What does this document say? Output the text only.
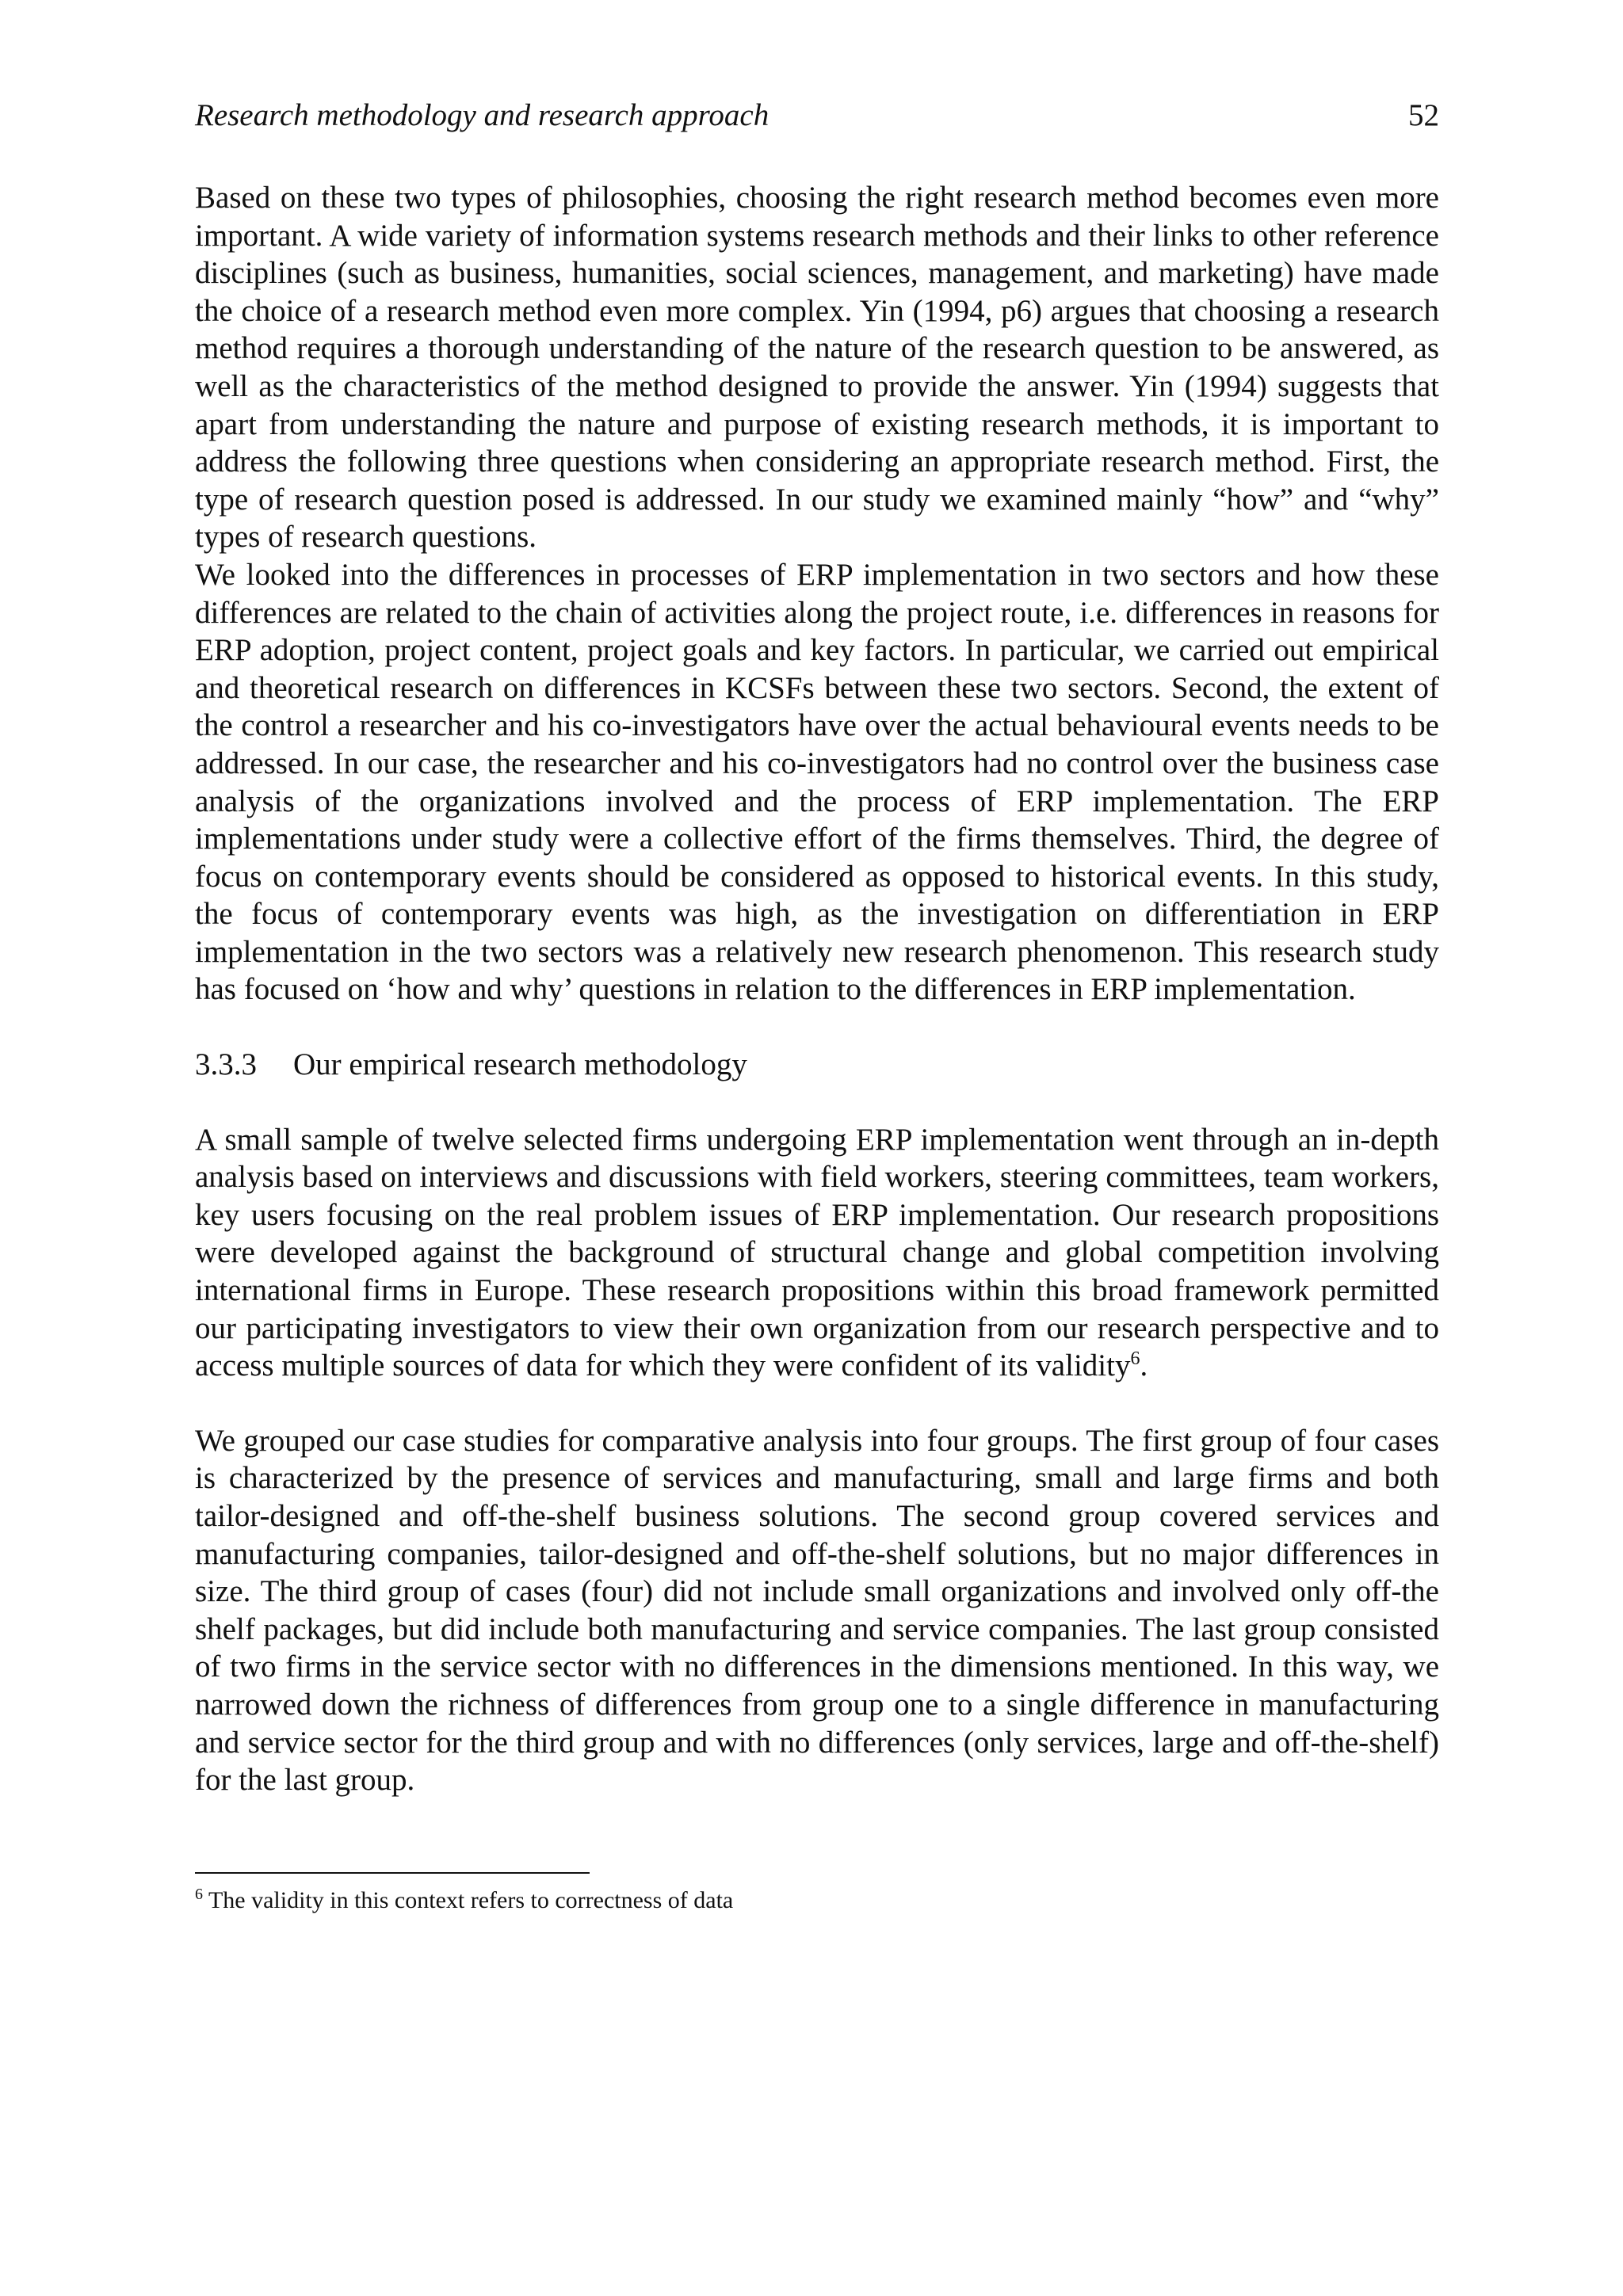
Research methodology and research approach	52

Based on these two types of philosophies, choosing the right research method becomes even more important. A wide variety of information systems research methods and their links to other reference disciplines (such as business, humanities, social sciences, management, and marketing) have made the choice of a research method even more complex. Yin (1994, p6) argues that choosing a research method requires a thorough understanding of the nature of the research question to be answered, as well as the characteristics of the method designed to provide the answer. Yin (1994) suggests that apart from understanding the nature and purpose of existing research methods, it is important to address the following three questions when considering an appropriate research method. First, the type of research question posed is addressed. In our study we examined mainly “how” and “why” types of research questions.

We looked into the differences in processes of ERP implementation in two sectors and how these differences are related to the chain of activities along the project route, i.e. differences in reasons for ERP adoption, project content, project goals and key factors. In particular, we carried out empirical and theoretical research on differences in KCSFs between these two sectors. Second, the extent of the control a researcher and his co-investigators have over the actual behavioural events needs to be addressed. In our case, the researcher and his co-investigators had no control over the business case analysis of the organizations involved and the process of ERP implementation. The ERP implementations under study were a collective effort of the firms themselves. Third, the degree of focus on contemporary events should be considered as opposed to historical events. In this study, the focus of contemporary events was high, as the investigation on differentiation in ERP implementation in the two sectors was a relatively new research phenomenon. This research study has focused on ‘how and why’ questions in relation to the differences in ERP implementation.

3.3.3 Our empirical research methodology

A small sample of twelve selected firms undergoing ERP implementation went through an in-depth analysis based on interviews and discussions with field workers, steering committees, team workers, key users focusing on the real problem issues of ERP implementation. Our research propositions were developed against the background of structural change and global competition involving international firms in Europe. These research propositions within this broad framework permitted our participating investigators to view their own organization from our research perspective and to access multiple sources of data for which they were confident of its validity$^6$.

We grouped our case studies for comparative analysis into four groups. The first group of four cases is characterized by the presence of services and manufacturing, small and large firms and both tailor-designed and off-the-shelf business solutions. The second group covered services and manufacturing companies, tailor-designed and off-the-shelf solutions, but no major differences in size. The third group of cases (four) did not include small organizations and involved only off-the shelf packages, but did include both manufacturing and service companies. The last group consisted of two firms in the service sector with no differences in the dimensions mentioned. In this way, we narrowed down the richness of differences from group one to a single difference in manufacturing and service sector for the third group and with no differences (only services, large and off-the-shelf) for the last group.

$^6$ The validity in this context refers to correctness of data
